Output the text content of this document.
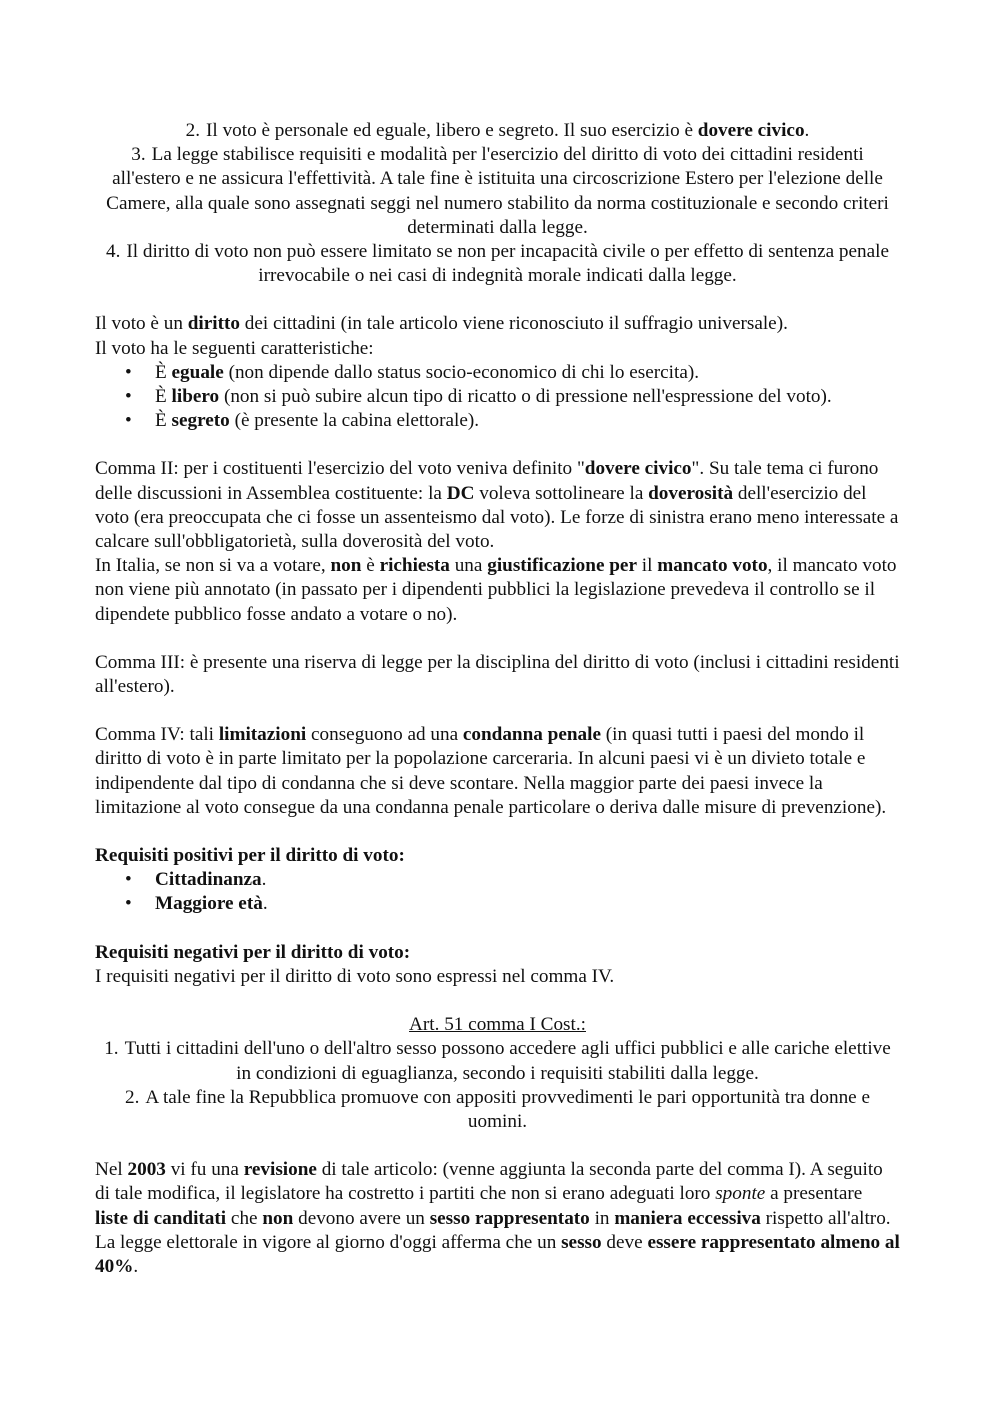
2. Il voto è personale ed eguale, libero e segreto. Il suo esercizio è dovere civico.
3. La legge stabilisce requisiti e modalità per l'esercizio del diritto di voto dei cittadini residenti all'estero e ne assicura l'effettività. A tale fine è istituita una circoscrizione Estero per l'elezione delle Camere, alla quale sono assegnati seggi nel numero stabilito da norma costituzionale e secondo criteri determinati dalla legge.
4. Il diritto di voto non può essere limitato se non per incapacità civile o per effetto di sentenza penale irrevocabile o nei casi di indegnità morale indicati dalla legge.

Il voto è un diritto dei cittadini (in tale articolo viene riconosciuto il suffragio universale).

Il voto ha le seguenti caratteristiche:

• È eguale (non dipende dallo status socio-economico di chi lo esercita).
• È libero (non si può subire alcun tipo di ricatto o di pressione nell'espressione del voto).
• È segreto (è presente la cabina elettorale).

Comma II: per i costituenti l'esercizio del voto veniva definito "dovere civico". Su tale tema ci furono delle discussioni in Assemblea costituente: la DC voleva sottolineare la doverosità dell'esercizio del voto (era preoccupata che ci fosse un assenteismo dal voto). Le forze di sinistra erano meno interessate a calcare sull'obbligatorietà, sulla doverosità del voto.

In Italia, se non si va a votare, non è richiesta una giustificazione per il mancato voto, il mancato voto non viene più annotato (in passato per i dipendenti pubblici la legislazione prevedeva il controllo se il dipendete pubblico fosse andato a votare o no).

Comma III: è presente una riserva di legge per la disciplina del diritto di voto (inclusi i cittadini residenti all'estero).

Comma IV: tali limitazioni conseguono ad una condanna penale (in quasi tutti i paesi del mondo il diritto di voto è in parte limitato per la popolazione carceraria. In alcuni paesi vi è un divieto totale e indipendente dal tipo di condanna che si deve scontare. Nella maggior parte dei paesi invece la limitazione al voto consegue da una condanna penale particolare o deriva dalle misure di prevenzione).

Requisiti positivi per il diritto di voto:

• Cittadinanza.
• Maggiore età.

Requisiti negativi per il diritto di voto:

I requisiti negativi per il diritto di voto sono espressi nel comma IV.

Art. 51 comma I Cost.:

1. Tutti i cittadini dell'uno o dell'altro sesso possono accedere agli uffici pubblici e alle cariche elettive in condizioni di eguaglianza, secondo i requisiti stabiliti dalla legge.
2. A tale fine la Repubblica promuove con appositi provvedimenti le pari opportunità tra donne e uomini.

Nel 2003 vi fu una revisione di tale articolo: (venne aggiunta la seconda parte del comma I). A seguito di tale modifica, il legislatore ha costretto i partiti che non si erano adeguati loro sponte a presentare liste di canditati che non devono avere un sesso rappresentato in maniera eccessiva rispetto all'altro. La legge elettorale in vigore al giorno d'oggi afferma che un sesso deve essere rappresentato almeno al 40%.
